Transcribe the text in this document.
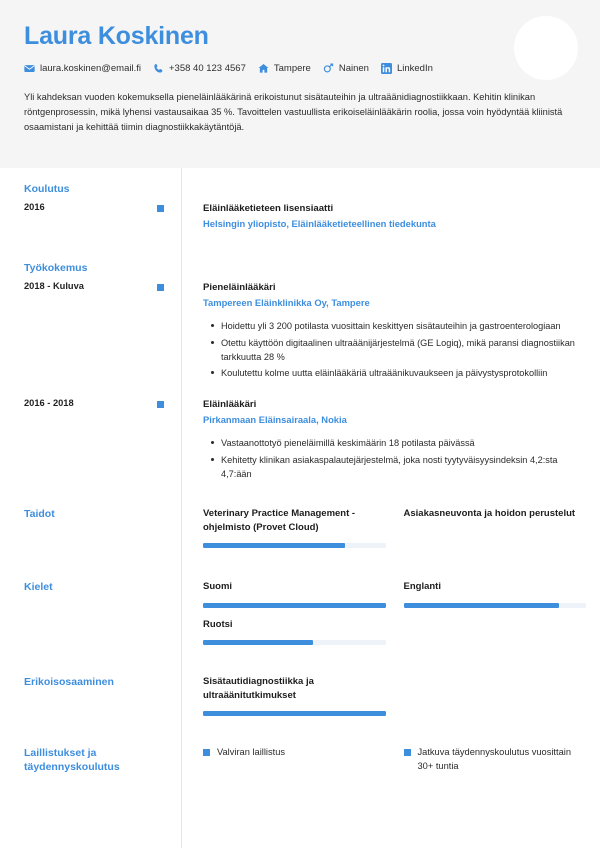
Laura Koskinen
laura.koskinen@email.fi	+358 40 123 4567	Tampere	Nainen	LinkedIn
Yli kahdeksan vuoden kokemuksella pieneläinlääkärinä erikoistunut sisätauteihin ja ultraäänidiagnostiikkaan. Kehitin klinikan röntgenprosessin, mikä lyhensi vastausaikaa 35 %. Tavoittelen vastuullista erikoiseläinlääkärin roolia, jossa voin hyödyntää kliinistä osaamistani ja kehittää tiimin diagnostiikkakäytäntöjä.
Koulutus
2016	Eläinlääketieteen lisensiaatti
Helsingin yliopisto, Eläinlääketieteellinen tiedekunta
Työkokemus
2018 - Kuluva	Pieneläinlääkäri
Tampereen Eläinklinikka Oy, Tampere
Hoidettu yli 3 200 potilasta vuosittain keskittyen sisätauteihin ja gastroenterologiaan
Otettu käyttöön digitaalinen ultraäänijärjestelmä (GE Logiq), mikä paransi diagnostiikan tarkkuutta 28 %
Koulutettu kolme uutta eläinlääkäriä ultraäänikuvaukseen ja päivystysprotokolliin
2016 - 2018	Eläinlääkäri
Pirkanmaan Eläinsairaala, Nokia
Vastaanottotyö pieneläimillä keskimäärin 18 potilasta päivässä
Kehitetty klinikan asiakaspalautejärjestelmä, joka nosti tyytyväisyysindeksin 4,2:sta 4,7:ään
Taidot	Veterinary Practice Management -ohjelmisto (Provet Cloud)
Asiakasneuvonta ja hoidon perustelut
Kielet	Suomi	Englanti
Ruotsi
Erikoisosaaminen	Sisätautidiagnostiikka ja ultraäänitutkimukset
Laillistukset ja täydennyskoulutus
Valviran laillistus	Jatkuva täydennyskoulutus vuosittain 30+ tuntia
